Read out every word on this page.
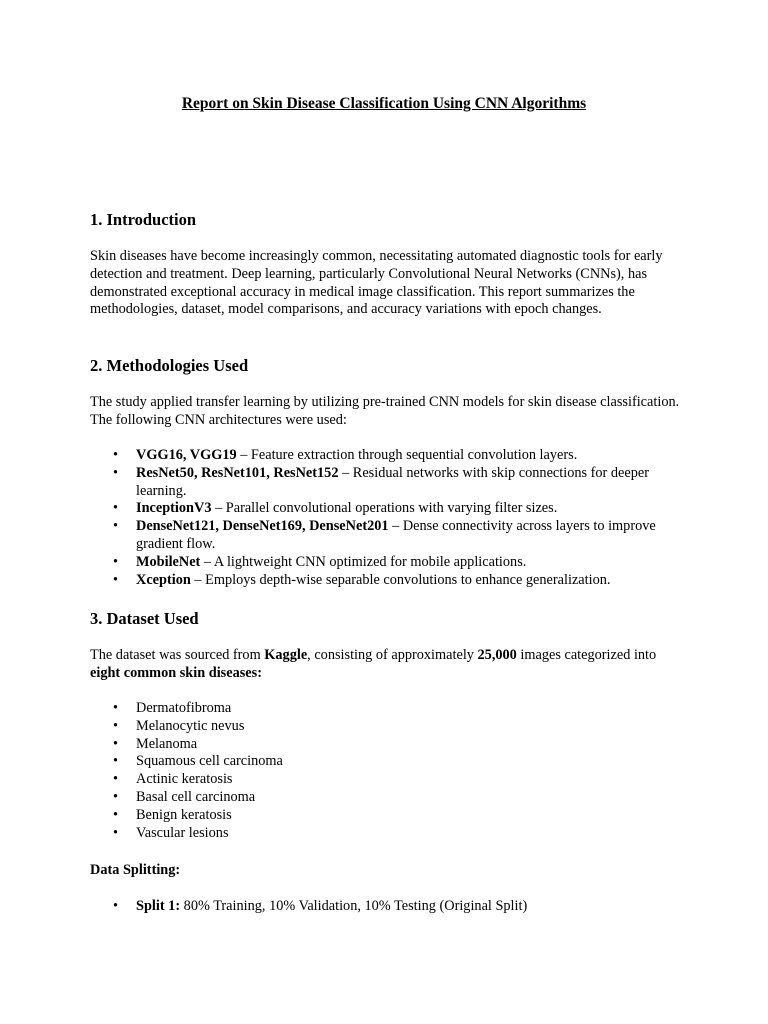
Report on Skin Disease Classification Using CNN Algorithms
1. Introduction

Skin diseases have become increasingly common, necessitating automated diagnostic tools for early detection and treatment. Deep learning, particularly Convolutional Neural Networks (CNNs), has demonstrated exceptional accuracy in medical image classification. This report summarizes the methodologies, dataset, model comparisons, and accuracy variations with epoch changes.

2. Methodologies Used

The study applied transfer learning by utilizing pre-trained CNN models for skin disease classification. The following CNN architectures were used:

•	VGG16, VGG19 – Feature extraction through sequential convolution layers.
•	ResNet50, ResNet101, ResNet152 – Residual networks with skip connections for deeper learning.
•	InceptionV3 – Parallel convolutional operations with varying filter sizes.
•	DenseNet121, DenseNet169, DenseNet201 – Dense connectivity across layers to improve gradient flow.
•	MobileNet – A lightweight CNN optimized for mobile applications.
•	Xception – Employs depth-wise separable convolutions to enhance generalization.
3. Dataset Used

The dataset was sourced from Kaggle, consisting of approximately 25,000 images categorized into eight common skin diseases:

•	Dermatofibroma
•	Melanocytic nevus
•	Melanoma
•	Squamous cell carcinoma
•	Actinic keratosis
•	Basal cell carcinoma
•	Benign keratosis
•	Vascular lesions

Data Splitting:

•	Split 1: 80% Training, 10% Validation, 10% Testing (Original Split)
